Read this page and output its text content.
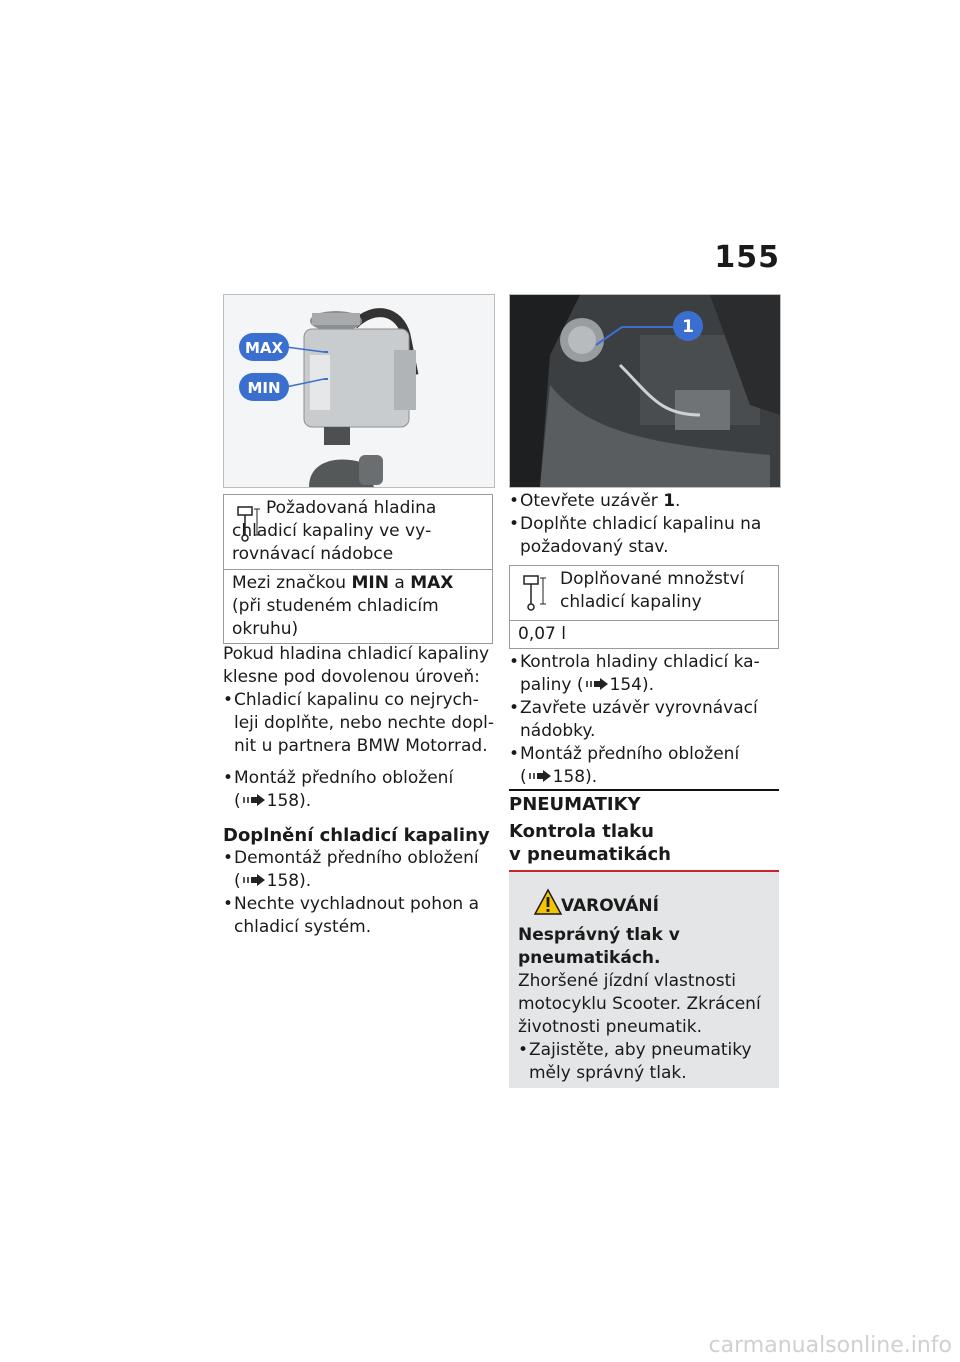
155
MAX
MIN
1
Požadovaná hladina chladicí kapaliny ve vyrovnávací nádobce
Mezi značkou MIN a MAX
(při studeném chladicím okruhu)
Pokud hladina chladicí kapaliny klesne pod dovolenou úroveň:
• Chladicí kapalinu co nejrychleji doplňte, nebo nechte doplnit u partnera BMW Motorrad.
• Montáž předního obložení
( 158).
Doplnění chladicí kapaliny
• Demontáž předního obložení
( 158).
• Nechte vychladnout pohon a chladicí systém.
• Otevřete uzávěr 1.
• Doplňte chladicí kapalinu na požadovaný stav.
Doplňované množství chladicí kapaliny
0,07 l
• Kontrola hladiny chladicí kapaliny ( 154).
• Zavřete uzávěr vyrovnávací nádobky.
• Montáž předního obložení
( 158).
PNEUMATIKY
Kontrola tlaku
v pneumatikách
VAROVÁNÍ
Nesprávný tlak v pneumatikách.
Zhoršené jízdní vlastnosti motocyklu Scooter. Zkrácení životnosti pneumatik.
• Zajistěte, aby pneumatiky měly správný tlak.
carmanualsonline.info
